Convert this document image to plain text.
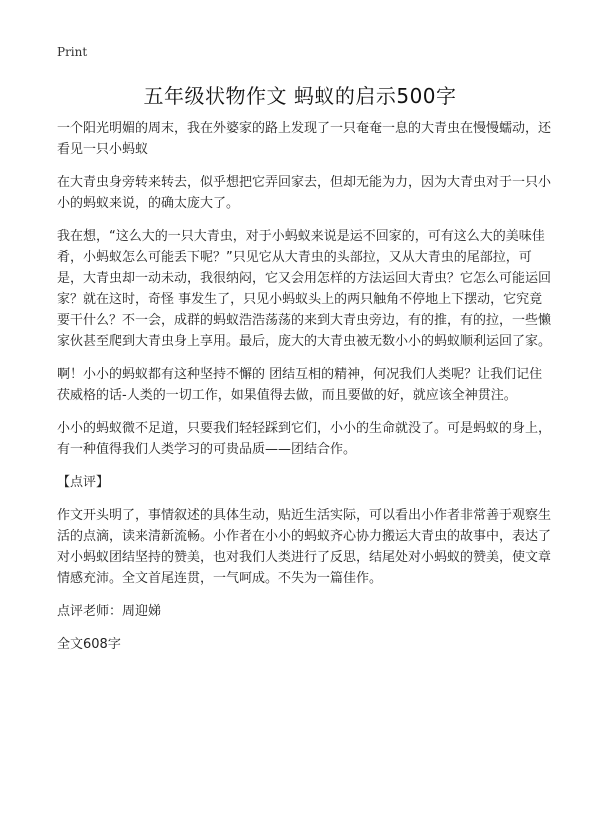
Print
五年级状物作文 蚂蚁的启示500字

一个阳光明媚的周末，我在外婆家的路上发现了一只奄奄一息的大青虫在慢慢蠕动，还看见一只小蚂蚁

在大青虫身旁转来转去，似乎想把它弄回家去，但却无能为力，因为大青虫对于一只小小的蚂蚁来说，的确太庞大了。

我在想，“这么大的一只大青虫，对于小蚂蚁来说是运不回家的，可有这么大的美味佳肴，小蚂蚁怎么可能丢下呢？”只见它从大青虫的头部拉，又从大青虫的尾部拉，可是，大青虫却一动未动，我很纳闷，它又会用怎样的方法运回大青虫？它怎么可能运回家？就在这时，奇怪 事发生了，只见小蚂蚁头上的两只触角不停地上下摆动，它究竟要干什么？不一会，成群的蚂蚁浩浩荡荡的来到大青虫旁边，有的推，有的拉，一些懒家伙甚至爬到大青虫身上享用。最后，庞大的大青虫被无数小小的蚂蚁顺利运回了家。

啊！小小的蚂蚁都有这种坚持不懈的 团结互相的精神，何况我们人类呢？让我们记住茯威格的话-人类的一切工作，如果值得去做，而且要做的好，就应该全神贯注。

小小的蚂蚁微不足道，只要我们轻轻踩到它们，小小的生命就没了。可是蚂蚁的身上，有一种值得我们人类学习的可贵品质——团结合作。

【点评】

作文开头明了，事情叙述的具体生动，贴近生活实际，可以看出小作者非常善于观察生活的点滴，读来清新流畅。小作者在小小的蚂蚁齐心协力搬运大青虫的故事中，表达了对小蚂蚁团结坚持的赞美，也对我们人类进行了反思，结尾处对小蚂蚁的赞美，使文章情感充沛。全文首尾连贯，一气呵成。不失为一篇佳作。

点评老师：周迎娣

全文608字
